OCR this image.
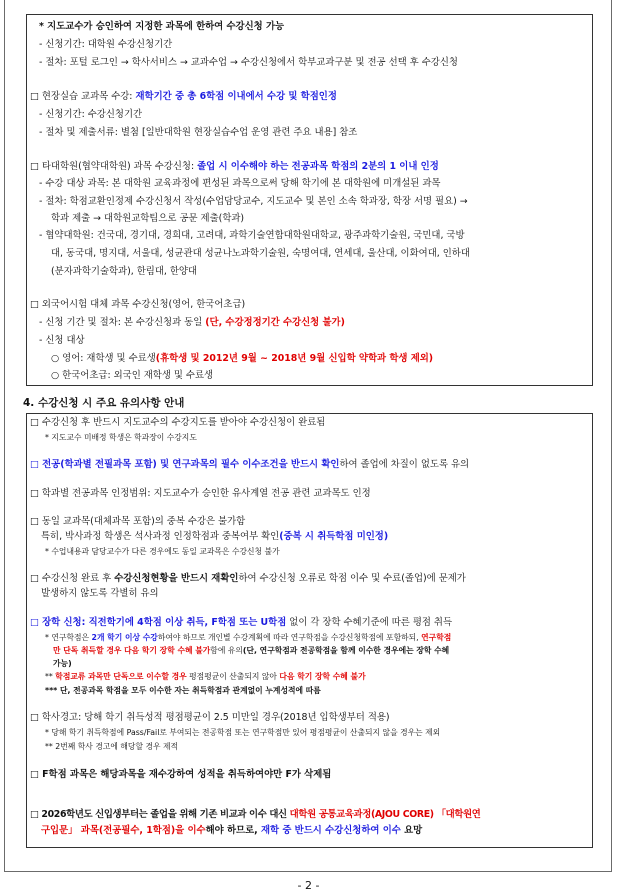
* 지도교수가 승인하여 지정한 과목에 한하여 수강신청 가능
- 신청기간: 대학원 수강신청기간
- 절차: 포털 로그인 → 학사서비스 → 교과수업 → 수강신청에서 학부교과구분 및 전공 선택 후 수강신청
□ 현장실습 교과목 수강: 재학기간 중 총 6학점 이내에서 수강 및 학점인정
- 신청기간: 수강신청기간
- 절차 및 제출서류: 별첨 [일반대학원 현장실습수업 운영 관련 주요 내용] 참조
□ 타대학원(협약대학원) 과목 수강신청: 졸업 시 이수해야 하는 전공과목 학점의 2분의 1 이내 인정
- 수강 대상 과목: 본 대학원 교육과정에 편성된 과목으로써 당해 학기에 본 대학원에 미개설된 과목
- 절차: 학점교환인정제 수강신청서 작성(수업담당교수, 지도교수 및 본인 소속 학과장, 학장 서명 필요) →
학과 제출 → 대학원교학팀으로 공문 제출(학과)
- 협약대학원: 건국대, 경기대, 경희대, 고려대, 과학기술연합대학원대학교, 광주과학기술원, 국민대, 국방
대, 동국대, 명지대, 서울대, 성균관대 성균나노과학기술원, 숙명여대, 연세대, 울산대, 이화여대, 인하대
(분자과학기술학과), 한림대, 한양대
□ 외국어시험 대체 과목 수강신청(영어, 한국어초급)
- 신청 기간 및 절차: 본 수강신청과 동일 (단, 수강정정기간 수강신청 불가)
- 신청 대상
○ 영어: 재학생 및 수료생(휴학생 및 2012년 9월 ~ 2018년 9월 신입학 약학과 학생 제외)
○ 한국어초급: 외국인 재학생 및 수료생
4. 수강신청 시 주요 유의사항 안내
□ 수강신청 후 반드시 지도교수의 수강지도를 받아야 수강신청이 완료됨
* 지도교수 미배정 학생은 학과장이 수강지도
□ 전공(학과별 전필과목 포함) 및 연구과목의 필수 이수조건을 반드시 확인하여 졸업에 차질이 없도록 유의
□ 학과별 전공과목 인정범위: 지도교수가 승인한 유사계열 전공 관련 교과목도 인정
□ 동일 교과목(대체과목 포함)의 중복 수강은 불가함
특히, 박사과정 학생은 석사과정 인정학점과 중복여부 확인(중복 시 취득학점 미인정)
* 수업내용과 담당교수가 다른 경우에도 동일 교과목은 수강신청 불가
□ 수강신청 완료 후 수강신청현황을 반드시 재확인하여 수강신청 오류로 학점 이수 및 수료(졸업)에 문제가
발생하지 않도록 각별히 유의
□ 장학 신청: 직전학기에 4학점 이상 취득, F학점 또는 U학점 없이 각 장학 수혜기준에 따른 평점 취득
* 연구학점은 2개 학기 이상 수강하여야 하므로 개인별 수강계획에 따라 연구학점을 수강신청학점에 포함하되, 연구학점
만 단독 취득할 경우 다음 학기 장학 수혜 불가함에 유의(단, 연구학점과 전공학점을 함께 이수한 경우에는 장학 수혜
가능)
** 학점교류 과목만 단독으로 이수할 경우 평점평균이 산출되지 않아 다음 학기 장학 수혜 불가
*** 단, 전공과목 학점을 모두 이수한 자는 취득학점과 관계없이 누계성적에 따름
□ 학사경고: 당해 학기 취득성적 평점평균이 2.5 미만일 경우(2018년 입학생부터 적용)
* 당해 학기 취득학점에 Pass/Fail로 부여되는 전공학점 또는 연구학점만 있어 평점평균이 산출되지 않을 경우는 제외
** 2번째 학사 경고에 해당할 경우 제적
□ F학점 과목은 해당과목을 재수강하여 성적을 취득하여야만 F가 삭제됨
□ 2026학년도 신입생부터는 졸업을 위해 기존 비교과 이수 대신 대학원 공통교육과정(AJOU CORE) 「대학원연
구입문」 과목(전공필수, 1학점)을 이수해야 하므로, 재학 중 반드시 수강신청하여 이수 요망
- 2 -
